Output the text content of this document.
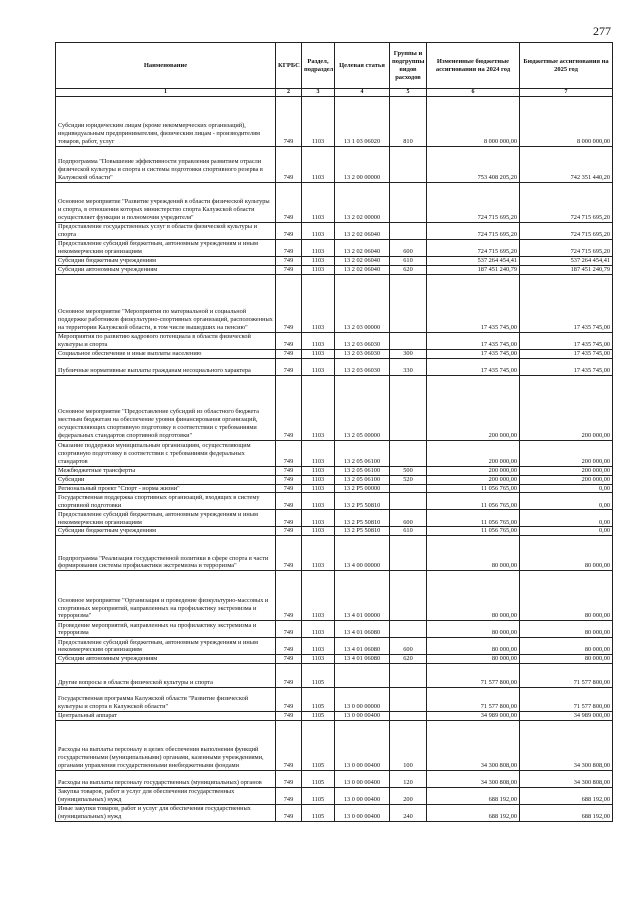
277
Наименование	КГРБС	Раздел, подраздел	Целевая статья	Группы и подгруппы видов расходов	Измененные бюджетные ассигнования на 2024 год	Бюджетные ассигнования на 2025 год
1	2	3	4	5	6	7
Субсидии юридическим лицам (кроме некоммерческих организаций), индивидуальным предпринимателям, физическим лицам - производителям товаров, работ, услуг	749	1103	13 1 03 06020	810	8 000 000,00	8 000 000,00
Подпрограмма "Повышение эффективности управления развитием отрасли физической культуры и спорта и системы подготовки спортивного резерва в Калужской области"	749	1103	13 2 00 00000		753 408 205,20	742 351 440,20
Основное мероприятие "Развитие учреждений в области физической культуры и спорта, в отношении которых министерство спорта Калужской области осуществляет функции и полномочия учредителя"	749	1103	13 2 02 00000		724 715 695,20	724 715 695,20
Предоставление государственных услуг в области физической культуры и спорта	749	1103	13 2 02 06040		724 715 695,20	724 715 695,20
Предоставление субсидий бюджетным, автономным учреждениям и иным некоммерческим организациям	749	1103	13 2 02 06040	600	724 715 695,20	724 715 695,20
Субсидии бюджетным учреждениям	749	1103	13 2 02 06040	610	537 264 454,41	537 264 454,41
Субсидии автономным учреждениям	749	1103	13 2 02 06040	620	187 451 240,79	187 451 240,79
Основное мероприятие "Мероприятия по материальной и социальной поддержке работников физкультурно-спортивных организаций, расположенных на территории Калужской области, в том числе вышедших на пенсию"	749	1103	13 2 03 00000		17 435 745,00	17 435 745,00
Мероприятия по развитию кадрового потенциала в области физической культуры и спорта	749	1103	13 2 03 06030		17 435 745,00	17 435 745,00
Социальное обеспечение и иные выплаты населению	749	1103	13 2 03 06030	300	17 435 745,00	17 435 745,00
Публичные нормативные выплаты гражданам несоциального характера	749	1103	13 2 03 06030	330	17 435 745,00	17 435 745,00
Основное мероприятие "Предоставление субсидий из областного бюджета местным бюджетам на обеспечение уровня финансирования организаций, осуществляющих спортивную подготовку в соответствии с требованиями федеральных стандартов спортивной подготовки"	749	1103	13 2 05 00000		200 000,00	200 000,00
Оказание поддержки муниципальным организациям, осуществляющим спортивную подготовку в соответствии с требованиями федеральных стандартов	749	1103	13 2 05 06100		200 000,00	200 000,00
Межбюджетные трансферты	749	1103	13 2 05 06100	500	200 000,00	200 000,00
Субсидии	749	1103	13 2 05 06100	520	200 000,00	200 000,00
Региональный проект "Спорт - норма жизни"	749	1103	13 2 P5 00000		11 056 765,00	0,00
Государственная поддержка спортивных организаций, входящих в систему спортивной подготовки	749	1103	13 2 P5 50810		11 056 765,00	0,00
Предоставление субсидий бюджетным, автономным учреждениям и иным некоммерческим организациям	749	1103	13 2 P5 50810	600	11 056 765,00	0,00
Субсидии бюджетным учреждениям	749	1103	13 2 P5 50810	610	11 056 765,00	0,00
Подпрограмма "Реализация государственной политики в сфере спорта в части формирования системы профилактики экстремизма и терроризма"	749	1103	13 4 00 00000		80 000,00	80 000,00
Основное мероприятие "Организация и проведение физкультурно-массовых и спортивных мероприятий, направленных на профилактику экстремизма и терроризма"	749	1103	13 4 01 00000		80 000,00	80 000,00
Проведение мероприятий, направленных на профилактику экстремизма и терроризма	749	1103	13 4 01 06080		80 000,00	80 000,00
Предоставление субсидий бюджетным, автономным учреждениям и иным некоммерческим организациям	749	1103	13 4 01 06080	600	80 000,00	80 000,00
Субсидии автономным учреждениям	749	1103	13 4 01 06080	620	80 000,00	80 000,00
Другие вопросы в области физической культуры и спорта	749	1105			71 577 800,00	71 577 800,00
Государственная программа Калужской области "Развитие физической культуры и спорта в Калужской области"	749	1105	13 0 00 00000		71 577 800,00	71 577 800,00
Центральный аппарат	749	1105	13 0 00 00400		34 989 000,00	34 989 000,00
Расходы на выплаты персоналу в целях обеспечения выполнения функций государственными (муниципальными) органами, казенными учреждениями, органами управления государственными внебюджетными фондами	749	1105	13 0 00 00400	100	34 300 808,00	34 300 808,00
Расходы на выплаты персоналу государственных (муниципальных) органов	749	1105	13 0 00 00400	120	34 300 808,00	34 300 808,00
Закупка товаров, работ и услуг для обеспечения государственных (муниципальных) нужд	749	1105	13 0 00 00400	200	688 192,00	688 192,00
Иные закупки товаров, работ и услуг для обеспечения государственных (муниципальных) нужд	749	1105	13 0 00 00400	240	688 192,00	688 192,00
